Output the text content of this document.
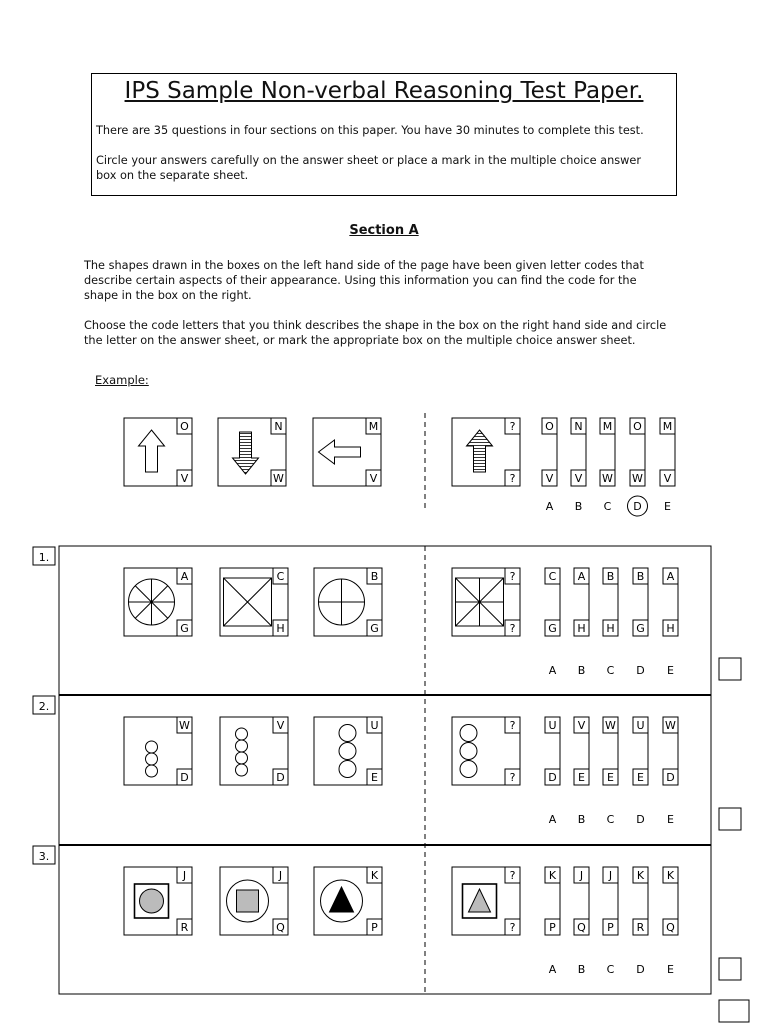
IPS Sample Non-verbal Reasoning Test Paper.
There are 35 questions in four sections on this paper. You have 30 minutes to complete this test.
Circle your answers carefully on the answer sheet or place a mark in the multiple choice answer
box on the separate sheet.
Section A
The shapes drawn in the boxes on the left hand side of the page have been given letter codes that
describe certain aspects of their appearance. Using this information you can find the code for the
shape in the box on the right.
Choose the code letters that you think describes the shape in the box on the right hand side and circle
the letter on the answer sheet, or mark the appropriate box on the multiple choice answer sheet.
Example:
O
V
N
W
M
V
?
?
O
V
A
N
V
B
M
W
C
O
W
D
M
V
E
1.
A
G
C
H
B
G
?
?
C
G
A
A
H
B
B
H
C
B
G
D
A
H
E
2.
W
D
V
D
U
E
?
?
U
D
A
V
E
B
W
E
C
U
E
D
W
D
E
3.
J
R
J
Q
K
P
?
?
K
P
A
J
Q
B
J
P
C
K
R
D
K
Q
E
